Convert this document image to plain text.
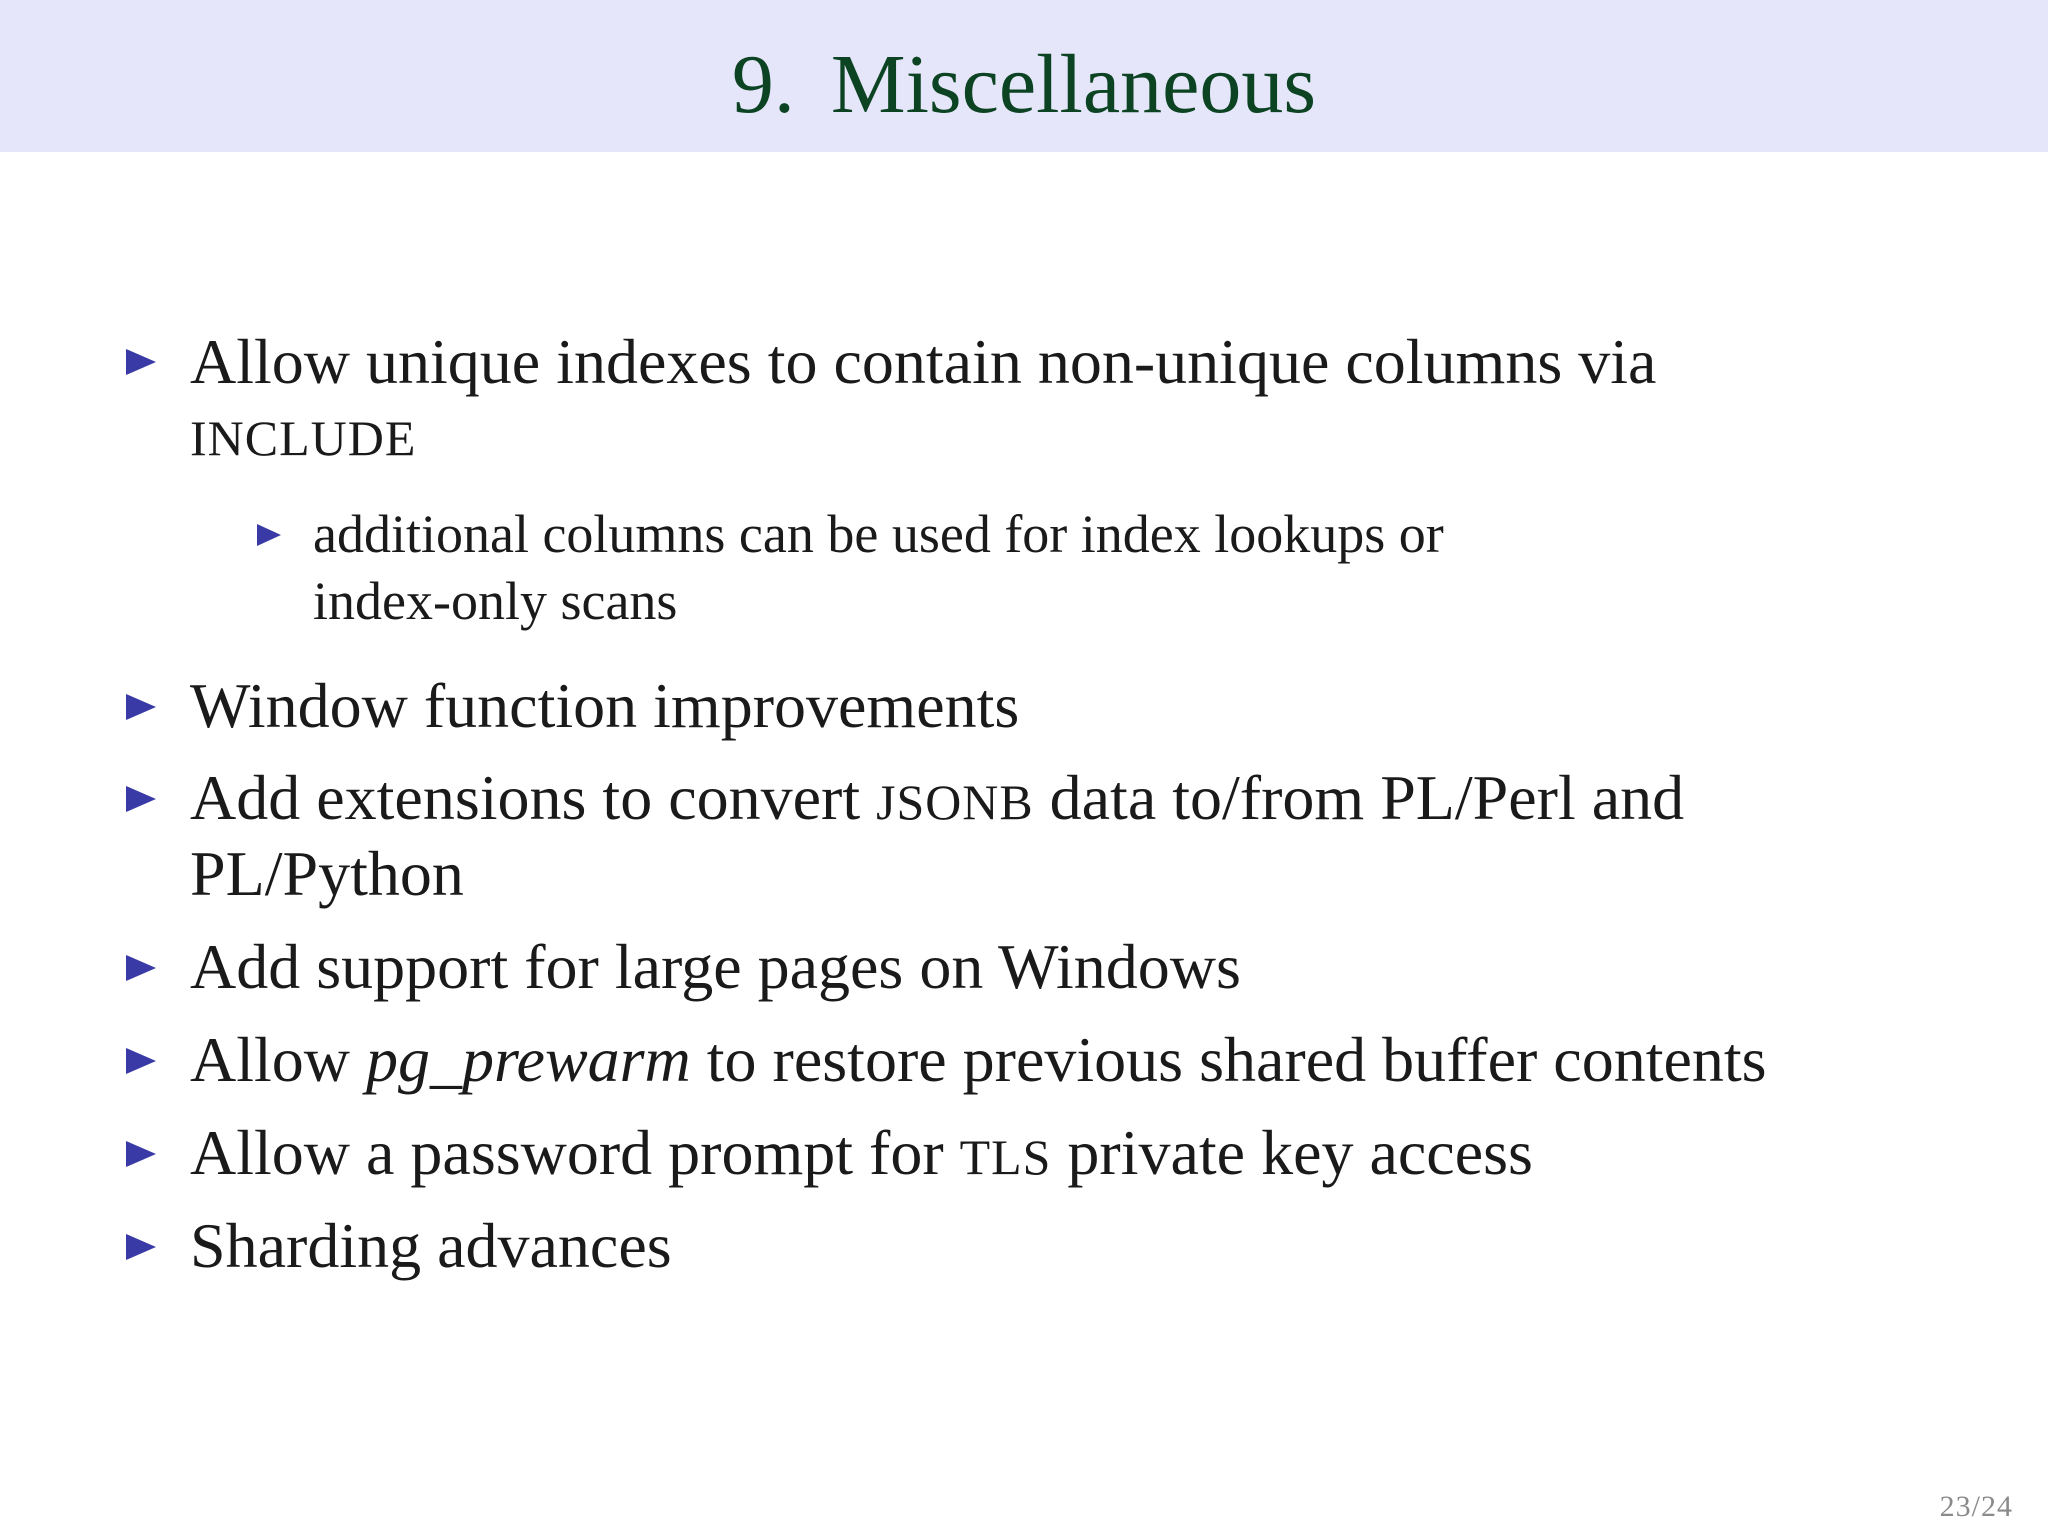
9. Miscellaneous
Allow unique indexes to contain non-unique columns via
INCLUDE
additional columns can be used for index lookups or
index-only scans
Window function improvements
Add extensions to convert JSONB data to/from PL/Perl and
PL/Python
Add support for large pages on Windows
Allow pg_prewarm to restore previous shared buffer contents
Allow a password prompt for TLS private key access
Sharding advances
23/24
